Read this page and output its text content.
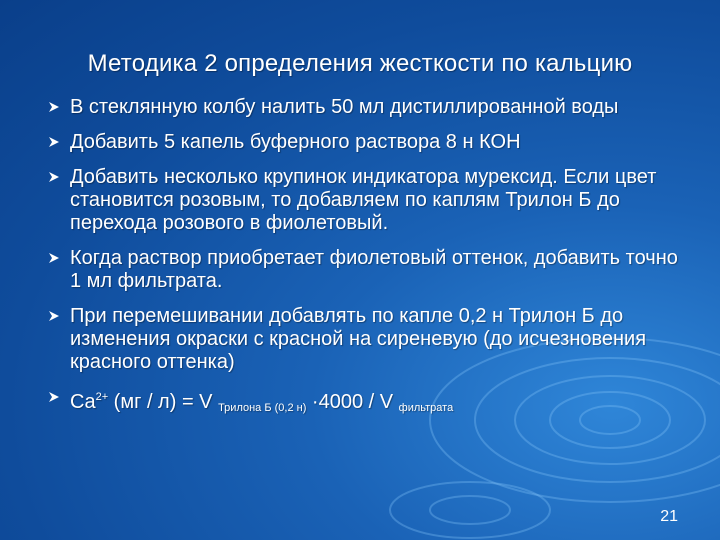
Методика 2 определения жесткости по кальцию
В стеклянную колбу налить 50 мл дистиллированной воды
Добавить 5 капель буферного раствора 8 н КОН
Добавить несколько крупинок индикатора мурексид. Если цвет становится розовым, то добавляем по каплям Трилон Б до перехода розового в фиолетовый.
Когда раствор приобретает фиолетовый оттенок, добавить точно 1 мл фильтрата.
При перемешивании добавлять по капле 0,2 н Трилон Б до изменения окраски с красной на сиреневую (до исчезновения красного оттенка)
$Ca^{2+}$ (мг / л) = V $_{Трилона Б (0,2 н)}$ ·4000 / V $_{фильтрата}$
21
